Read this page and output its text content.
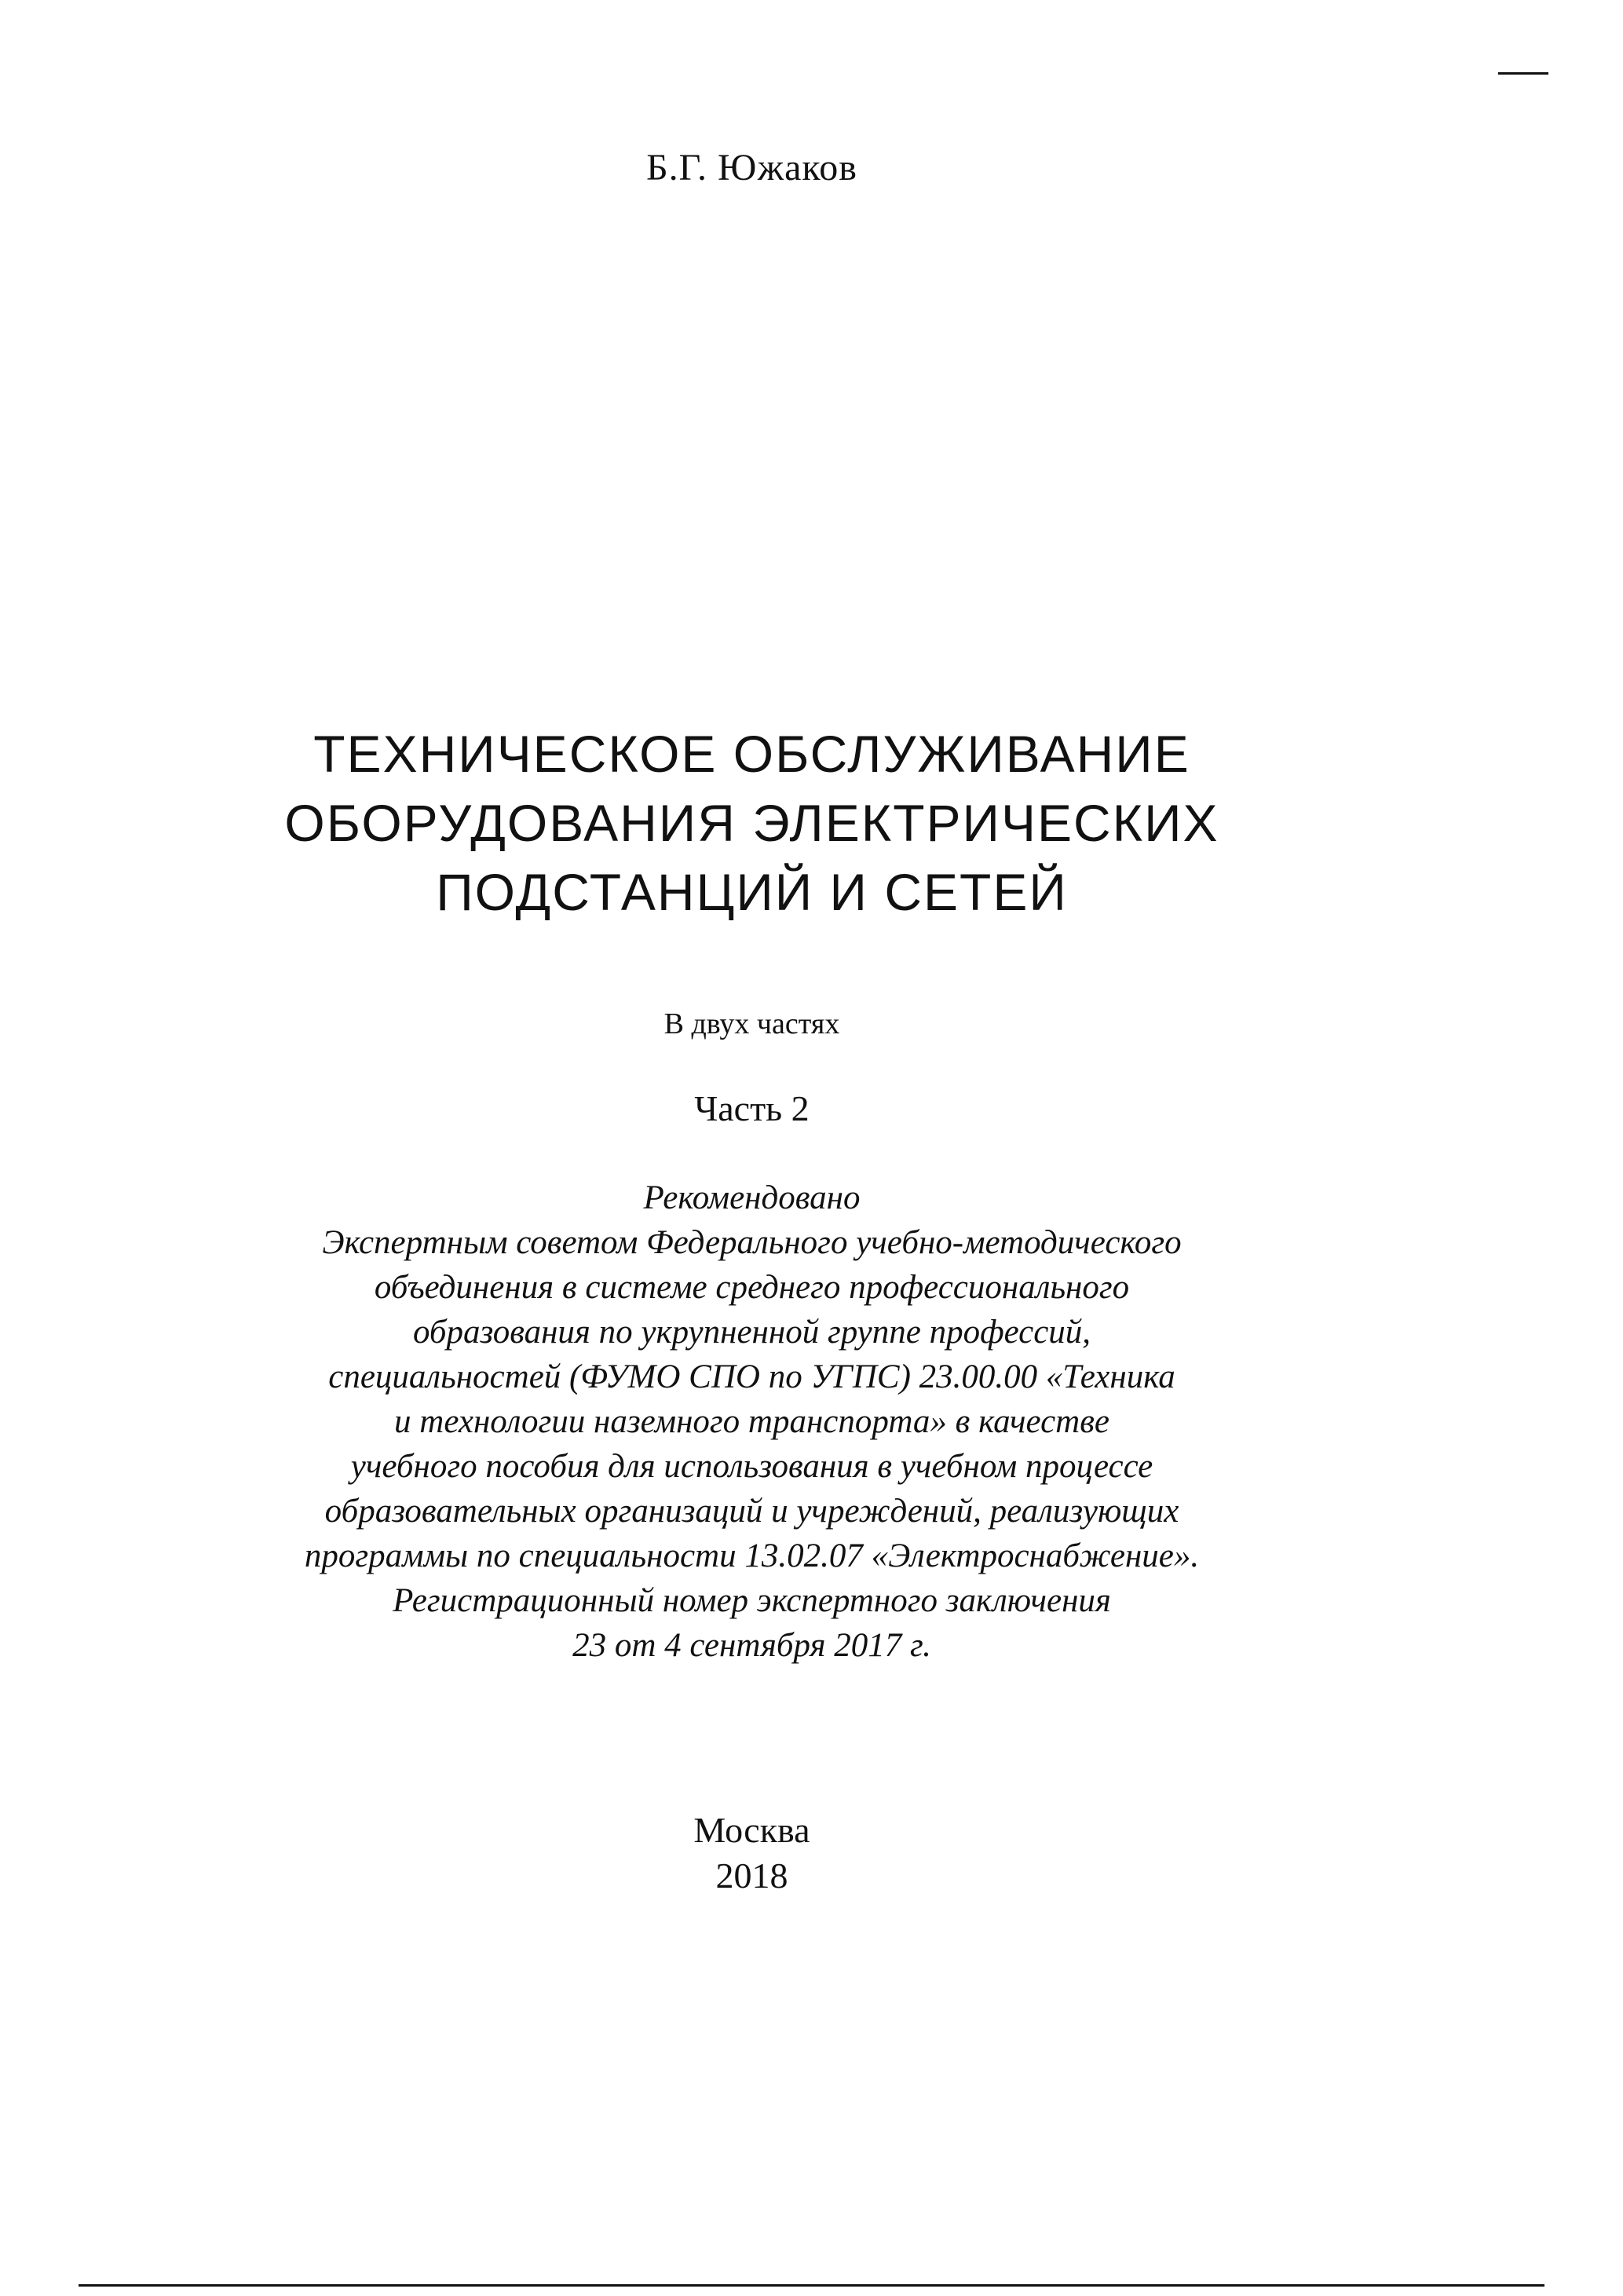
Б.Г. Южаков
ТЕХНИЧЕСКОЕ ОБСЛУЖИВАНИЕ
ОБОРУДОВАНИЯ ЭЛЕКТРИЧЕСКИХ
ПОДСТАНЦИЙ И СЕТЕЙ
В двух частях
Часть 2
Рекомендовано
Экспертным советом Федерального учебно-методического
объединения в системе среднего профессионального
образования по укрупненной группе профессий,
специальностей (ФУМО СПО по УГПС) 23.00.00 «Техника
и технологии наземного транспорта» в качестве
учебного пособия для использования в учебном процессе
образовательных организаций и учреждений, реализующих
программы по специальности 13.02.07 «Электроснабжение».
Регистрационный номер экспертного заключения
23 от 4 сентября 2017 г.
Москва
2018
